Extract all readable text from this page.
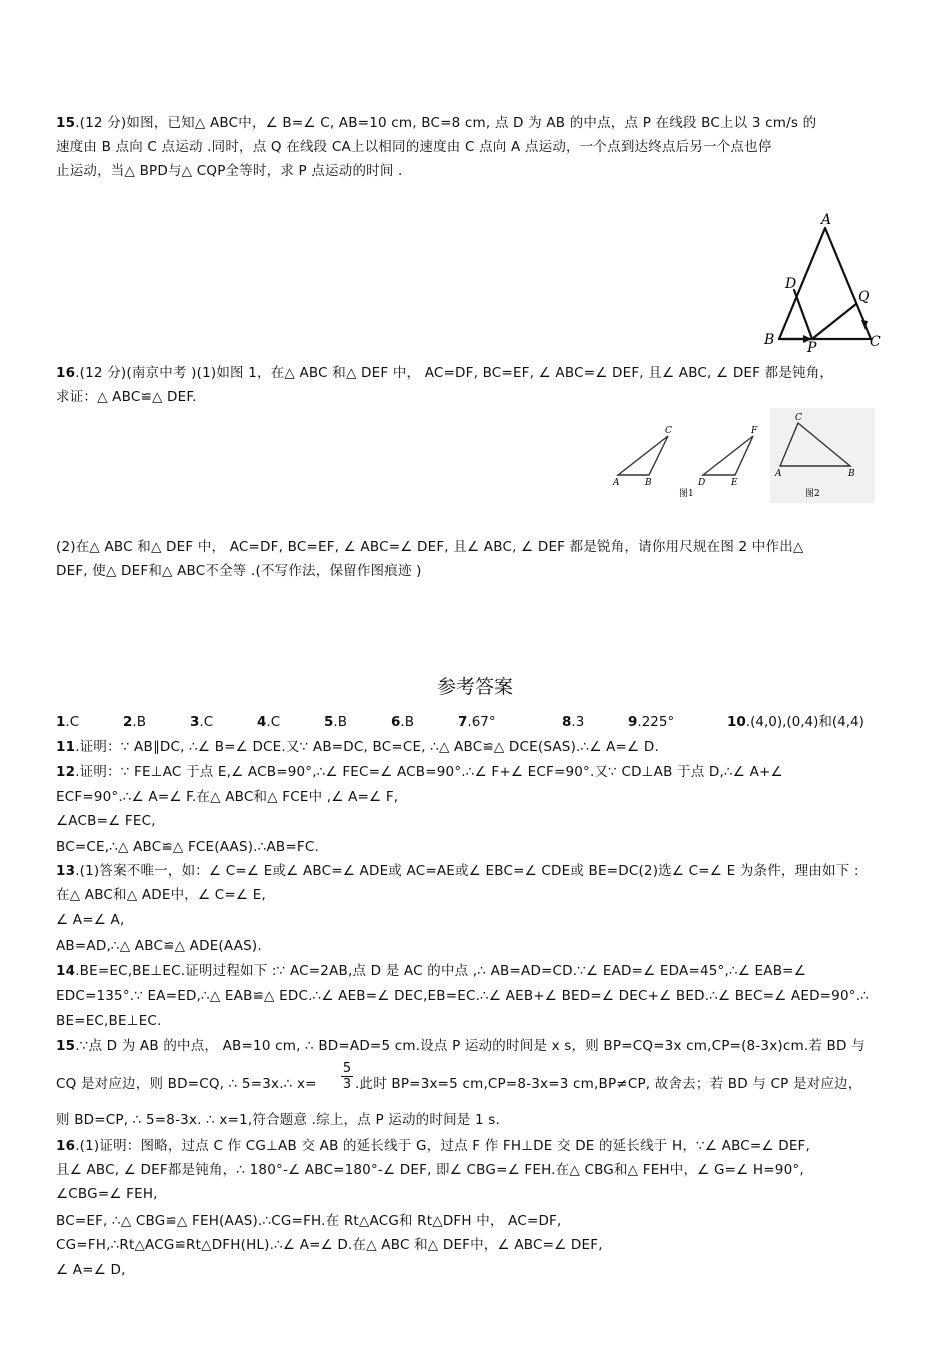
15.(12 分)如图，已知△ ABC中，∠ B=∠ C, AB=10 cm, BC=8 cm, 点 D 为 AB 的中点，点 P 在线段 BC上以 3 cm/s 的
速度由 B 点向 C 点运动 .同时，点 Q 在线段 CA上以相同的速度由 C 点向 A 点运动，一个点到达终点后另一个点也停
止运动，当△ BPD与△ CQP全等时，求 P 点运动的时间 .
A
B	C
D
P
Q
16.(12 分)(南京中考 )(1)如图 1，在△ ABC 和△ DEF 中， AC=DF, BC=EF, ∠ ABC=∠ DEF, 且∠ ABC, ∠ DEF 都是钝角，
求证：△ ABC≌△ DEF.
C
A	B
F
D	E
C
A	B
图1	图2
(2)在△ ABC 和△ DEF 中， AC=DF, BC=EF, ∠ ABC=∠ DEF, 且∠ ABC, ∠ DEF 都是锐角，请你用尺规在图 2 中作出△
DEF, 使△ DEF和△ ABC不全等 .(不写作法，保留作图痕迹 )
参考答案
1.C	2.B	3.C	4.C	5.B	6.B	7.67°	8.3	9.225°	10.(4,0),(0,4)和(4,4)
11.证明：∵ AB∥DC, ∴∠ B=∠ DCE.又∵ AB=DC, BC=CE, ∴△ ABC≌△ DCE(SAS).∴∠ A=∠ D.
12.证明：∵ FE⊥AC 于点 E,∠ ACB=90°,∴∠ FEC=∠ ACB=90°.∴∠ F+∠ ECF=90°.又∵ CD⊥AB 于点 D,∴∠ A+∠
ECF=90°.∴∠ A=∠ F.在△ ABC和△ FCE中 ,∠ A=∠ F,
∠ACB=∠ FEC,
BC=CE,∴△ ABC≌△ FCE(AAS).∴AB=FC.
13.(1)答案不唯一，如：∠ C=∠ E或∠ ABC=∠ ADE或 AC=AE或∠ EBC=∠ CDE或 BE=DC(2)选∠ C=∠ E 为条件，理由如下 :
在△ ABC和△ ADE中，∠ C=∠ E,
∠ A=∠ A,
AB=AD,∴△ ABC≌△ ADE(AAS).
14.BE=EC,BE⊥EC.证明过程如下 :∵ AC=2AB,点 D 是 AC 的中点 ,∴ AB=AD=CD.∵∠ EAD=∠ EDA=45°,∴∠ EAB=∠
EDC=135°.∵ EA=ED,∴△ EAB≌△ EDC.∴∠ AEB=∠ DEC,EB=EC.∴∠ AEB+∠ BED=∠ DEC+∠ BED.∴∠ BEC=∠ AED=90°.∴
BE=EC,BE⊥EC.
15.∵点 D 为 AB 的中点， AB=10 cm, ∴ BD=AD=5 cm.设点 P 运动的时间是 x s，则 BP=CQ=3x cm,CP=(8-3x)cm.若 BD 与
CQ 是对应边，则 BD=CQ, ∴ 5=3x.∴ x=
5
3 .此时 BP=3x=5 cm,CP=8-3x=3 cm,BP≠CP, 故舍去；若 BD 与 CP 是对应边，
则 BD=CP, ∴ 5=8-3x. ∴ x=1,符合题意 .综上，点 P 运动的时间是 1 s.
16.(1)证明：图略，过点 C 作 CG⊥AB 交 AB 的延长线于 G，过点 F 作 FH⊥DE 交 DE 的延长线于 H，∵∠ ABC=∠ DEF,
且∠ ABC, ∠ DEF都是钝角，∴ 180°-∠ ABC=180°-∠ DEF, 即∠ CBG=∠ FEH.在△ CBG和△ FEH中，∠ G=∠ H=90°,
∠CBG=∠ FEH,
BC=EF, ∴△ CBG≌△ FEH(AAS).∴CG=FH.在 Rt△ACG和 Rt△DFH 中， AC=DF,
CG=FH,∴Rt△ACG≌Rt△DFH(HL).∴∠ A=∠ D.在△ ABC 和△ DEF中，∠ ABC=∠ DEF,
∠ A=∠ D,
